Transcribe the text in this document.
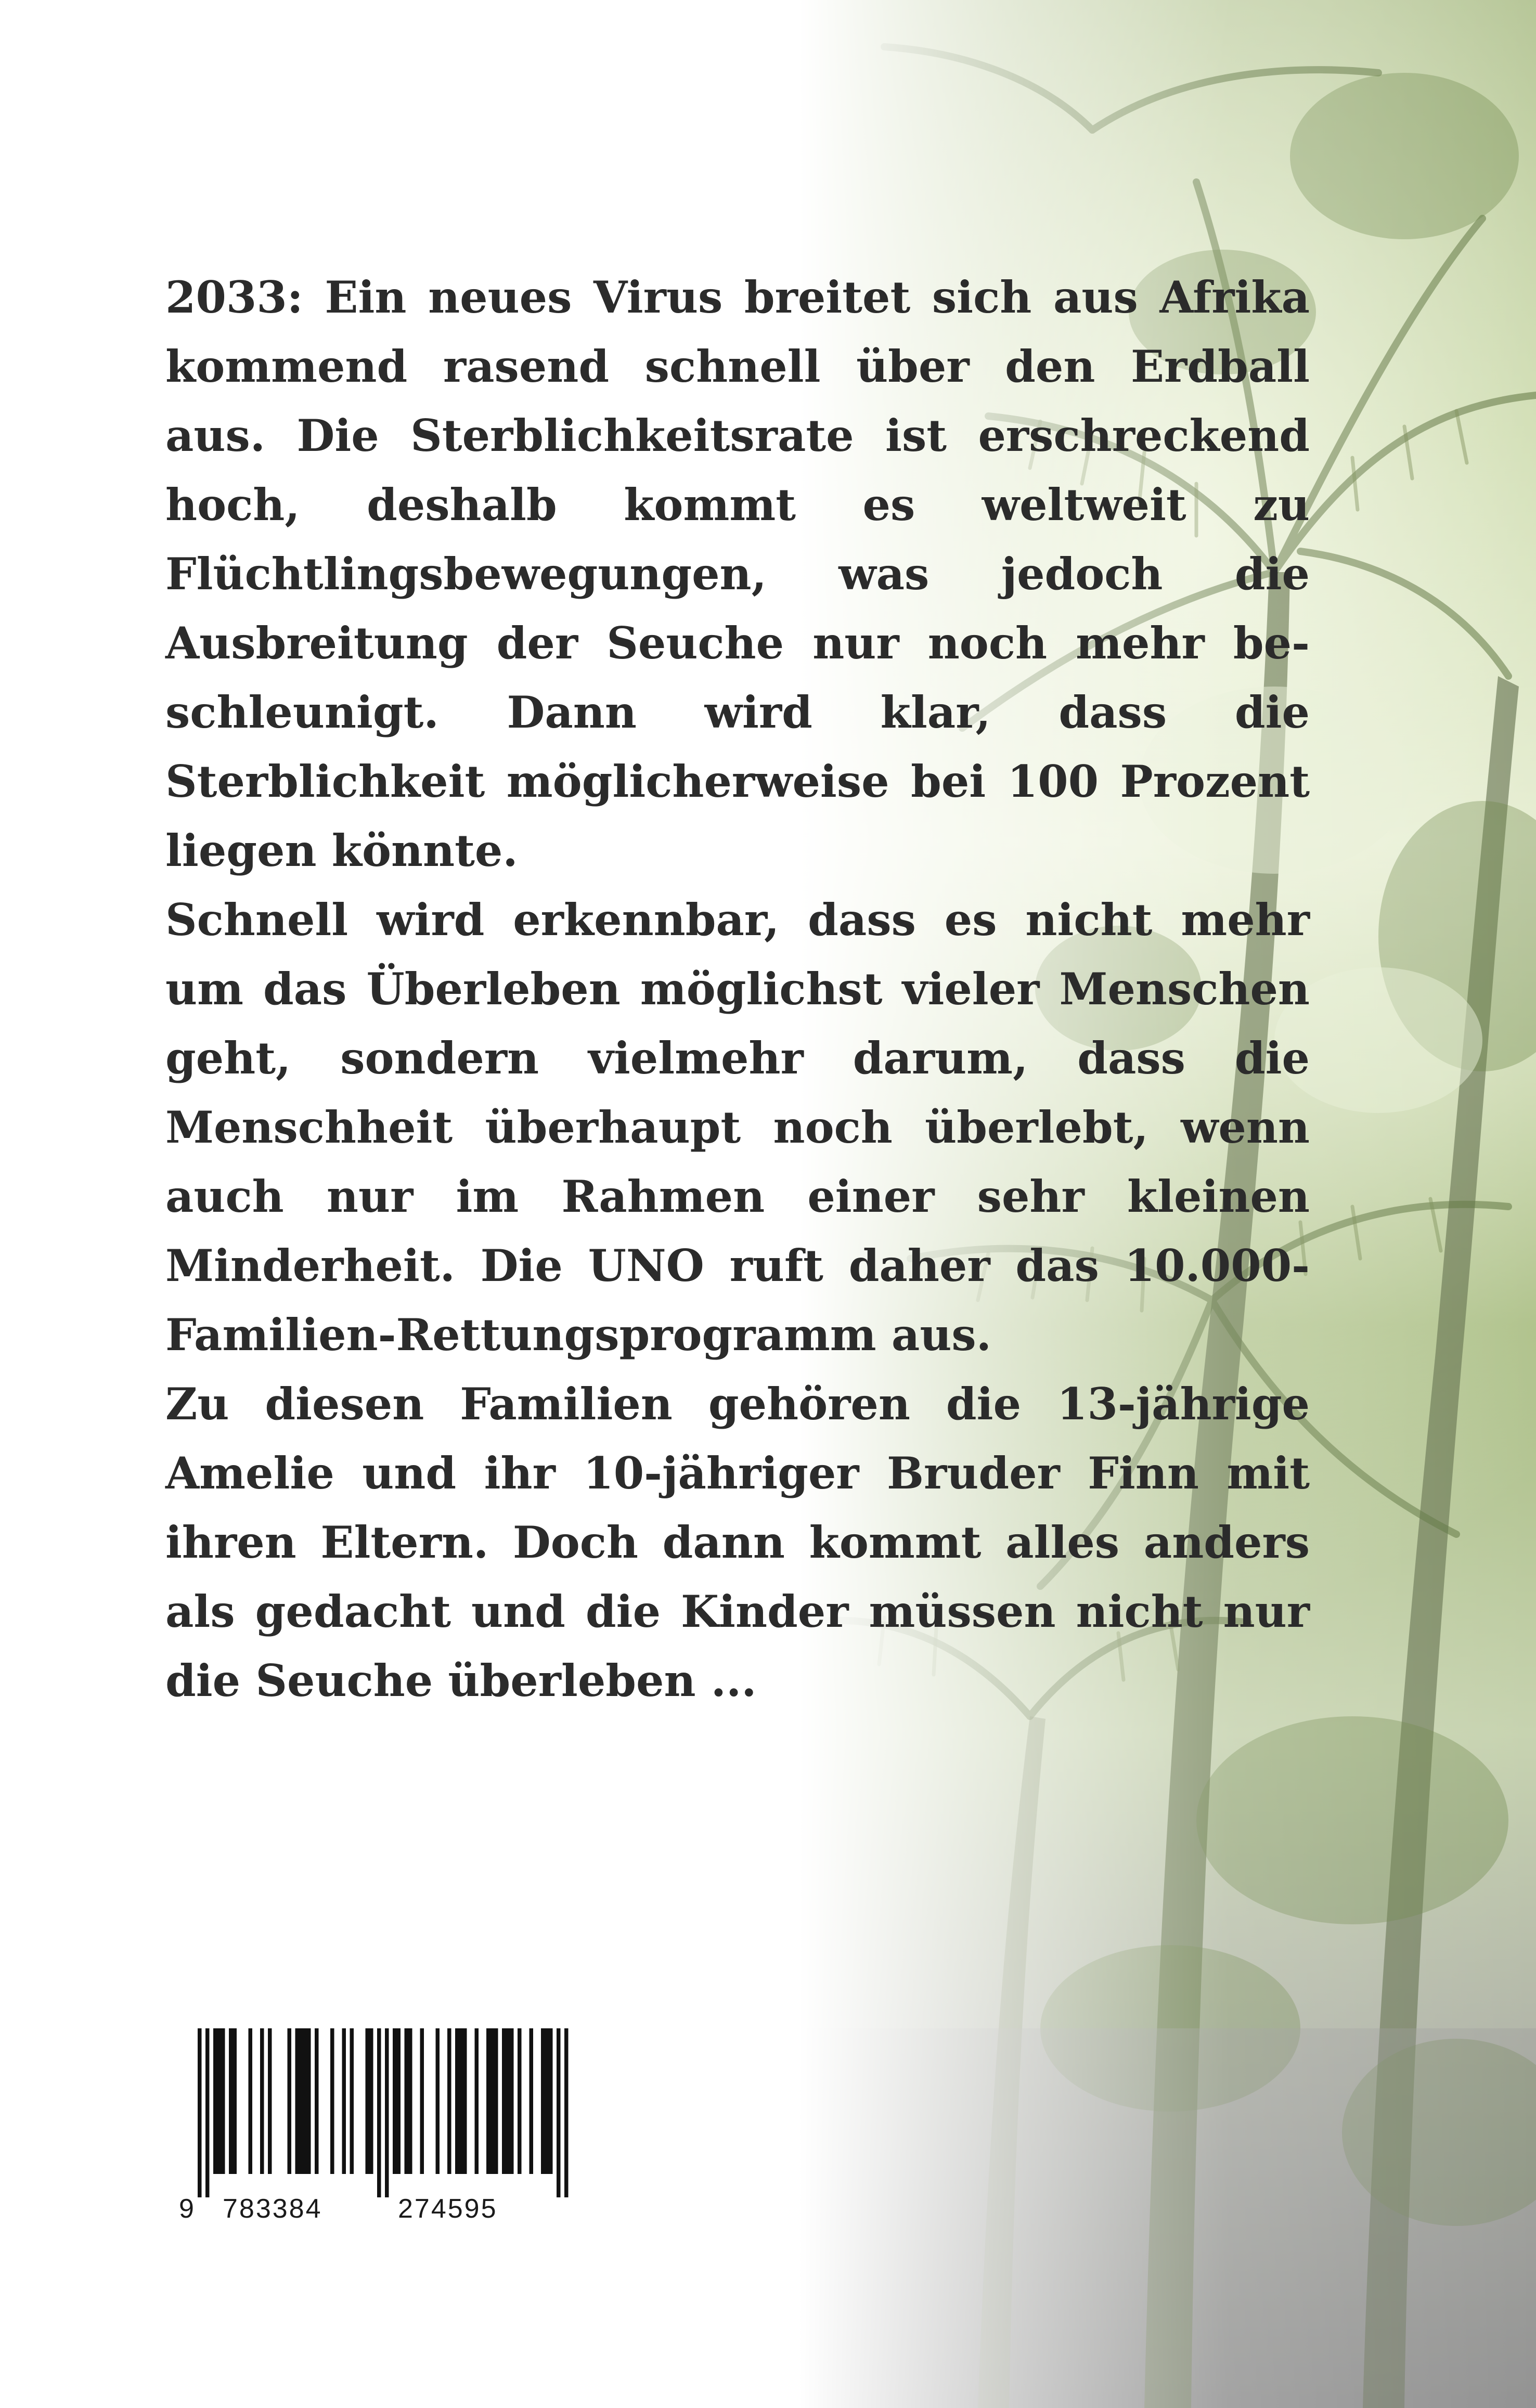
2033: Ein neues Virus breitet sich aus Afrika kommend rasend schnell über den Erdball aus. Die Sterblichkeitsrate ist erschreckend hoch, deshalb kommt es weltweit zu Flüchtlingsbewegungen, was jedoch die Ausbreitung der Seuche nur noch mehr beschleunigt. Dann wird klar, dass die Sterblichkeit möglicherweise bei 100 Prozent liegen könnte.

Schnell wird erkennbar, dass es nicht mehr um das Überleben möglichst vieler Menschen geht, sondern vielmehr darum, dass die Menschheit überhaupt noch überlebt, wenn auch nur im Rahmen einer sehr kleinen Minderheit. Die UNO ruft daher das 10.000-Familien-Rettungsprogramm aus.

Zu diesen Familien gehören die 13-jährige Amelie und ihr 10-jähriger Bruder Finn mit ihren Eltern. Doch dann kommt alles anders als gedacht und die Kinder müssen nicht nur die Seuche überleben ...

9 783384	274595
